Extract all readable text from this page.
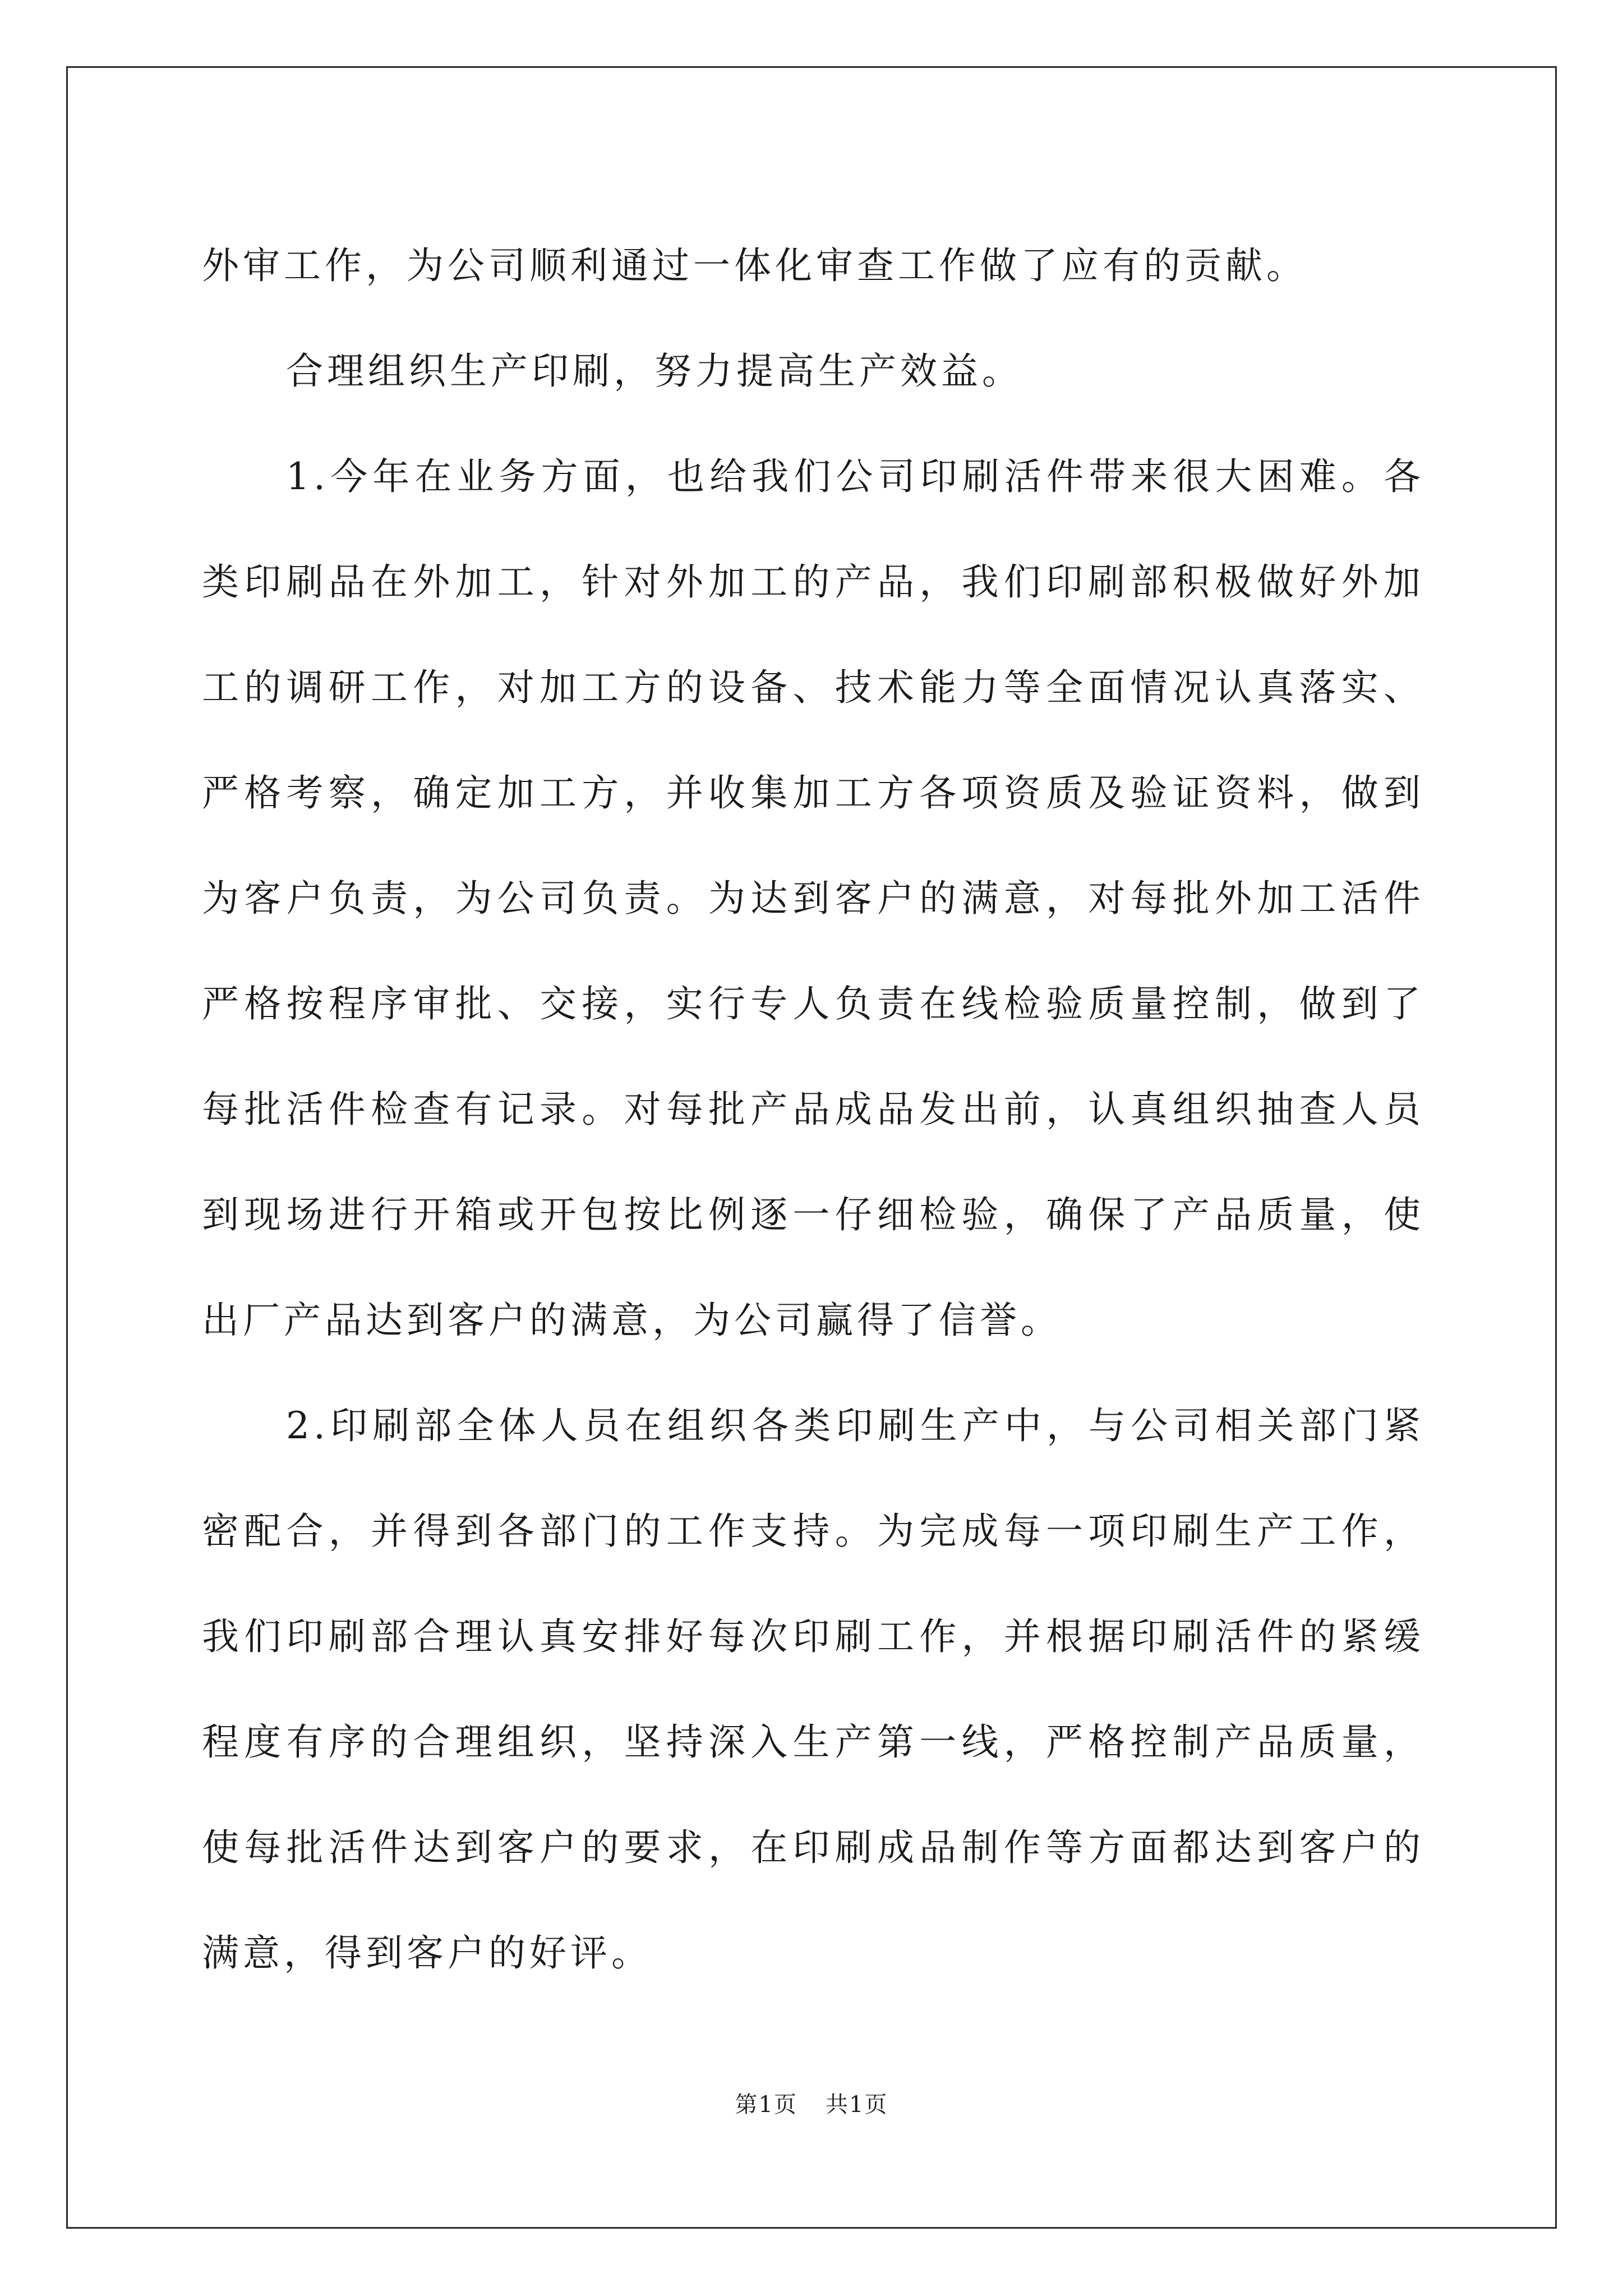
外审工作，为公司顺利通过一体化审查工作做了应有的贡献。

合理组织生产印刷，努力提高生产效益。

1.今年在业务方面，也给我们公司印刷活件带来很大困难。各类印刷品在外加工，针对外加工的产品，我们印刷部积极做好外加工的调研工作，对加工方的设备、技术能力等全面情况认真落实、严格考察，确定加工方，并收集加工方各项资质及验证资料，做到为客户负责，为公司负责。为达到客户的满意，对每批外加工活件严格按程序审批、交接，实行专人负责在线检验质量控制，做到了每批活件检查有记录。对每批产品成品发出前，认真组织抽查人员到现场进行开箱或开包按比例逐一仔细检验，确保了产品质量，使出厂产品达到客户的满意，为公司赢得了信誉。

2.印刷部全体人员在组织各类印刷生产中，与公司相关部门紧密配合，并得到各部门的工作支持。为完成每一项印刷生产工作，我们印刷部合理认真安排好每次印刷工作，并根据印刷活件的紧缓程度有序的合理组织，坚持深入生产第一线，严格控制产品质量，使每批活件达到客户的要求，在印刷成品制作等方面都达到客户的满意，得到客户的好评。

第1页 共1页
